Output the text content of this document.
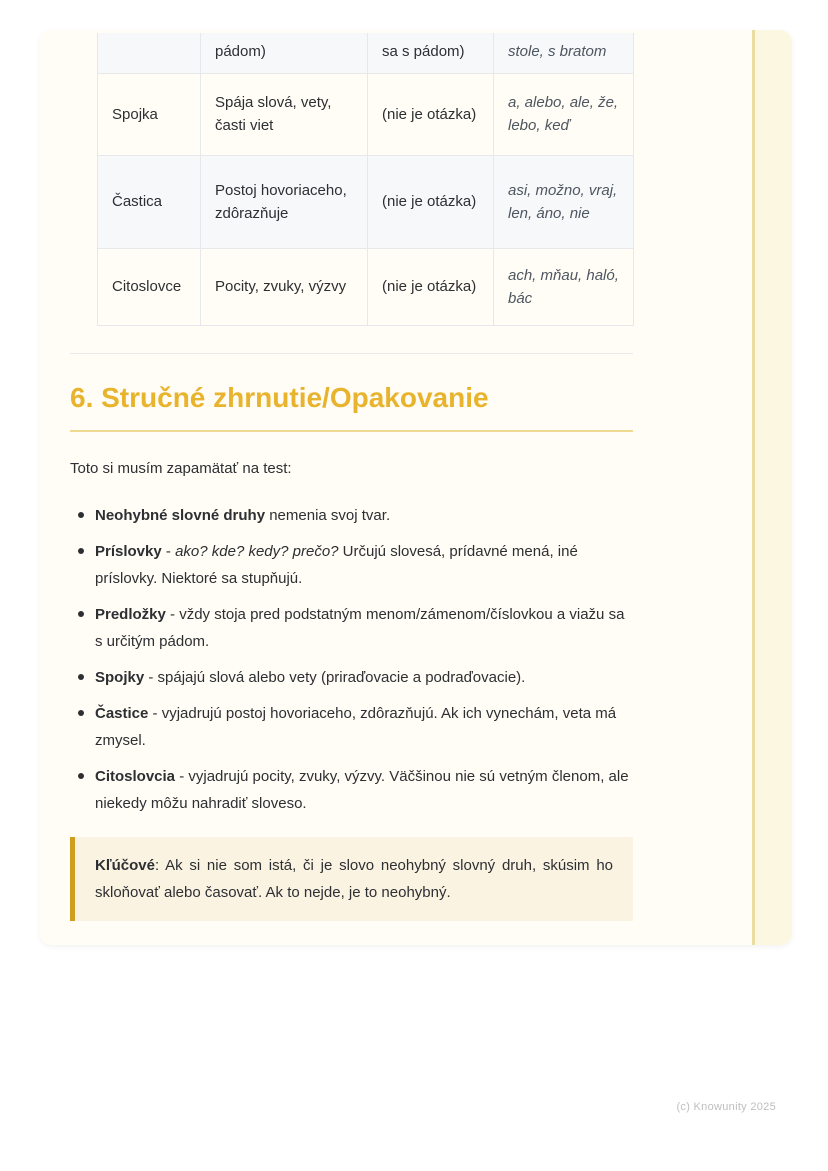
	pádom)	sa s pádom)	stole, s bratom
Spojka	Spája slová, vety, časti viet	(nie je otázka)	a, alebo, ale, že, lebo, keď
Častica	Postoj hovoriaceho, zdôrazňuje	(nie je otázka)	asi, možno, vraj, len, áno, nie
Citoslovce	Pocity, zvuky, výzvy	(nie je otázka)	ach, mňau, haló, bác
6. Stručné zhrnutie/Opakovanie

Toto si musím zapamätať na test:

Neohybné slovné druhy nemenia svoj tvar.
Príslovky - ako? kde? kedy? prečo? Určujú slovesá, prídavné mená, iné príslovky. Niektoré sa stupňujú.
Predložky - vždy stoja pred podstatným menom/zámenom/číslovkou a viažu sa s určitým pádom.
Spojky - spájajú slová alebo vety (priraďovacie a podraďovacie).
Častice - vyjadrujú postoj hovoriaceho, zdôrazňujú. Ak ich vynechám, veta má zmysel.
Citoslovcia - vyjadrujú pocity, zvuky, výzvy. Väčšinou nie sú vetným členom, ale niekedy môžu nahradiť sloveso.

Kľúčové: Ak si nie som istá, či je slovo neohybný slovný druh, skúsim ho skloňovať alebo časovať. Ak to nejde, je to neohybný.

(c) Knowunity 2025
